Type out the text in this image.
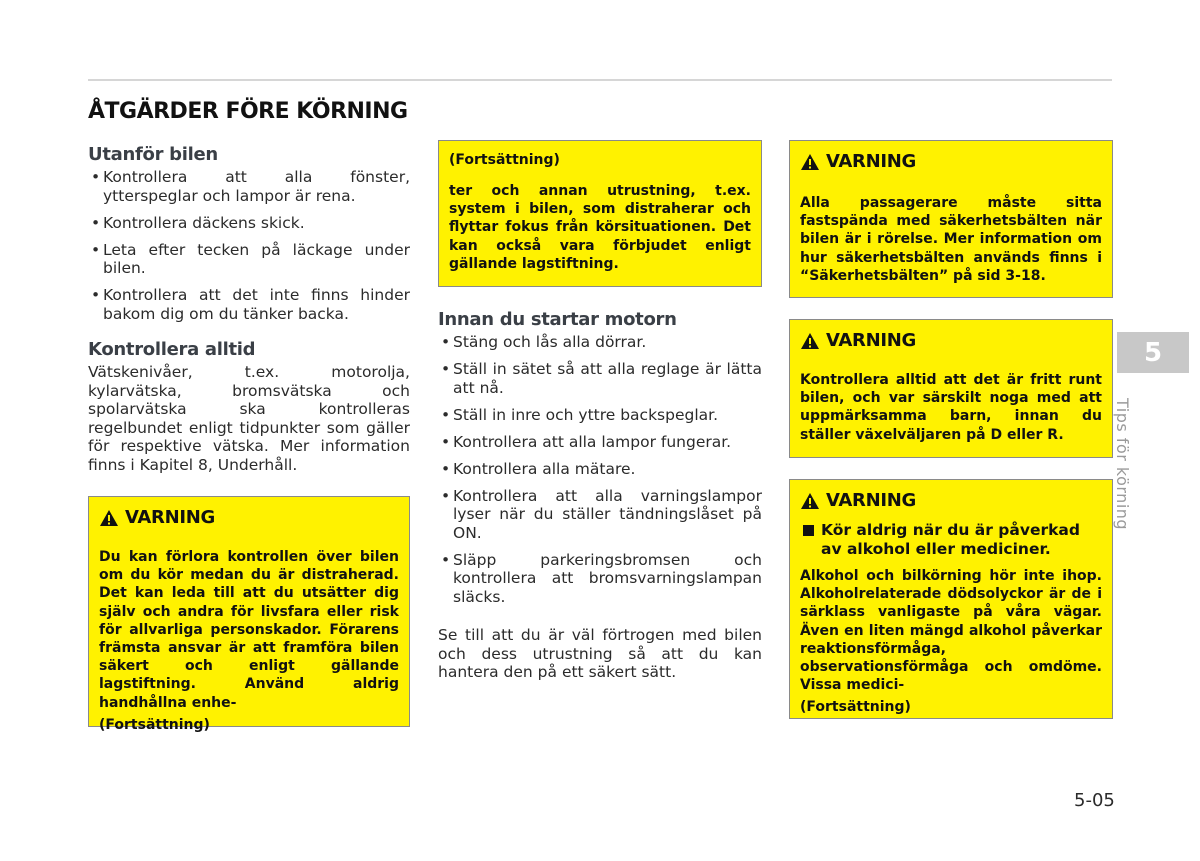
ÅTGÄRDER FÖRE KÖRNING
Utanför bilen
• Kontrollera att alla fönster, ytterspeglar och lampor är rena.
• Kontrollera däckens skick.
• Leta efter tecken på läckage under bilen.
• Kontrollera att det inte finns hinder bakom dig om du tänker backa.
Kontrollera alltid

Vätskenivåer, t.ex. motorolja, kylarvätska, bromsvätska och spolarvätska ska kontrolleras regelbundet enligt tidpunkter som gäller för respektive vätska. Mer information finns i Kapitel 8, Underhåll.

VARNING
Du kan förlora kontrollen över bilen om du kör medan du är distraherad. Det kan leda till att du utsätter dig själv och andra för livsfara eller risk för allvarliga personskador. Förarens främsta ansvar är att framföra bilen säkert och enligt gällande lagstiftning. Använd aldrig handhållna enhe-
(Fortsättning)
(Fortsättning)
ter och annan utrustning, t.ex. system i bilen, som distraherar och flyttar fokus från körsituationen. Det kan också vara förbjudet enligt gällande lagstiftning.
Innan du startar motorn
• Stäng och lås alla dörrar.
• Ställ in sätet så att alla reglage är lätta att nå.
• Ställ in inre och yttre backspeglar.
• Kontrollera att alla lampor fungerar.
• Kontrollera alla mätare.
• Kontrollera att alla varningslampor lyser när du ställer tändningslåset på ON.
• Släpp parkeringsbromsen och kontrollera att bromsvarningslampan släcks.

Se till att du är väl förtrogen med bilen och dess utrustning så att du kan hantera den på ett säkert sätt.

VARNING
Alla passagerare måste sitta fastspända med säkerhetsbälten när bilen är i rörelse. Mer information om hur säkerhetsbälten används finns i “Säkerhetsbälten” på sid 3-18.
VARNING
Kontrollera alltid att det är fritt runt bilen, och var särskilt noga med att uppmärksamma barn, innan du ställer växelväljaren på D eller R.
VARNING
Kör aldrig när du är påverkad av alkohol eller mediciner.
Alkohol och bilkörning hör inte ihop. Alkoholrelaterade dödsolyckor är de i särklass vanligaste på våra vägar. Även en liten mängd alkohol påverkar reaktionsförmåga, observationsförmåga och omdöme. Vissa medici-
(Fortsättning)
5
Tips för körning
5-05
